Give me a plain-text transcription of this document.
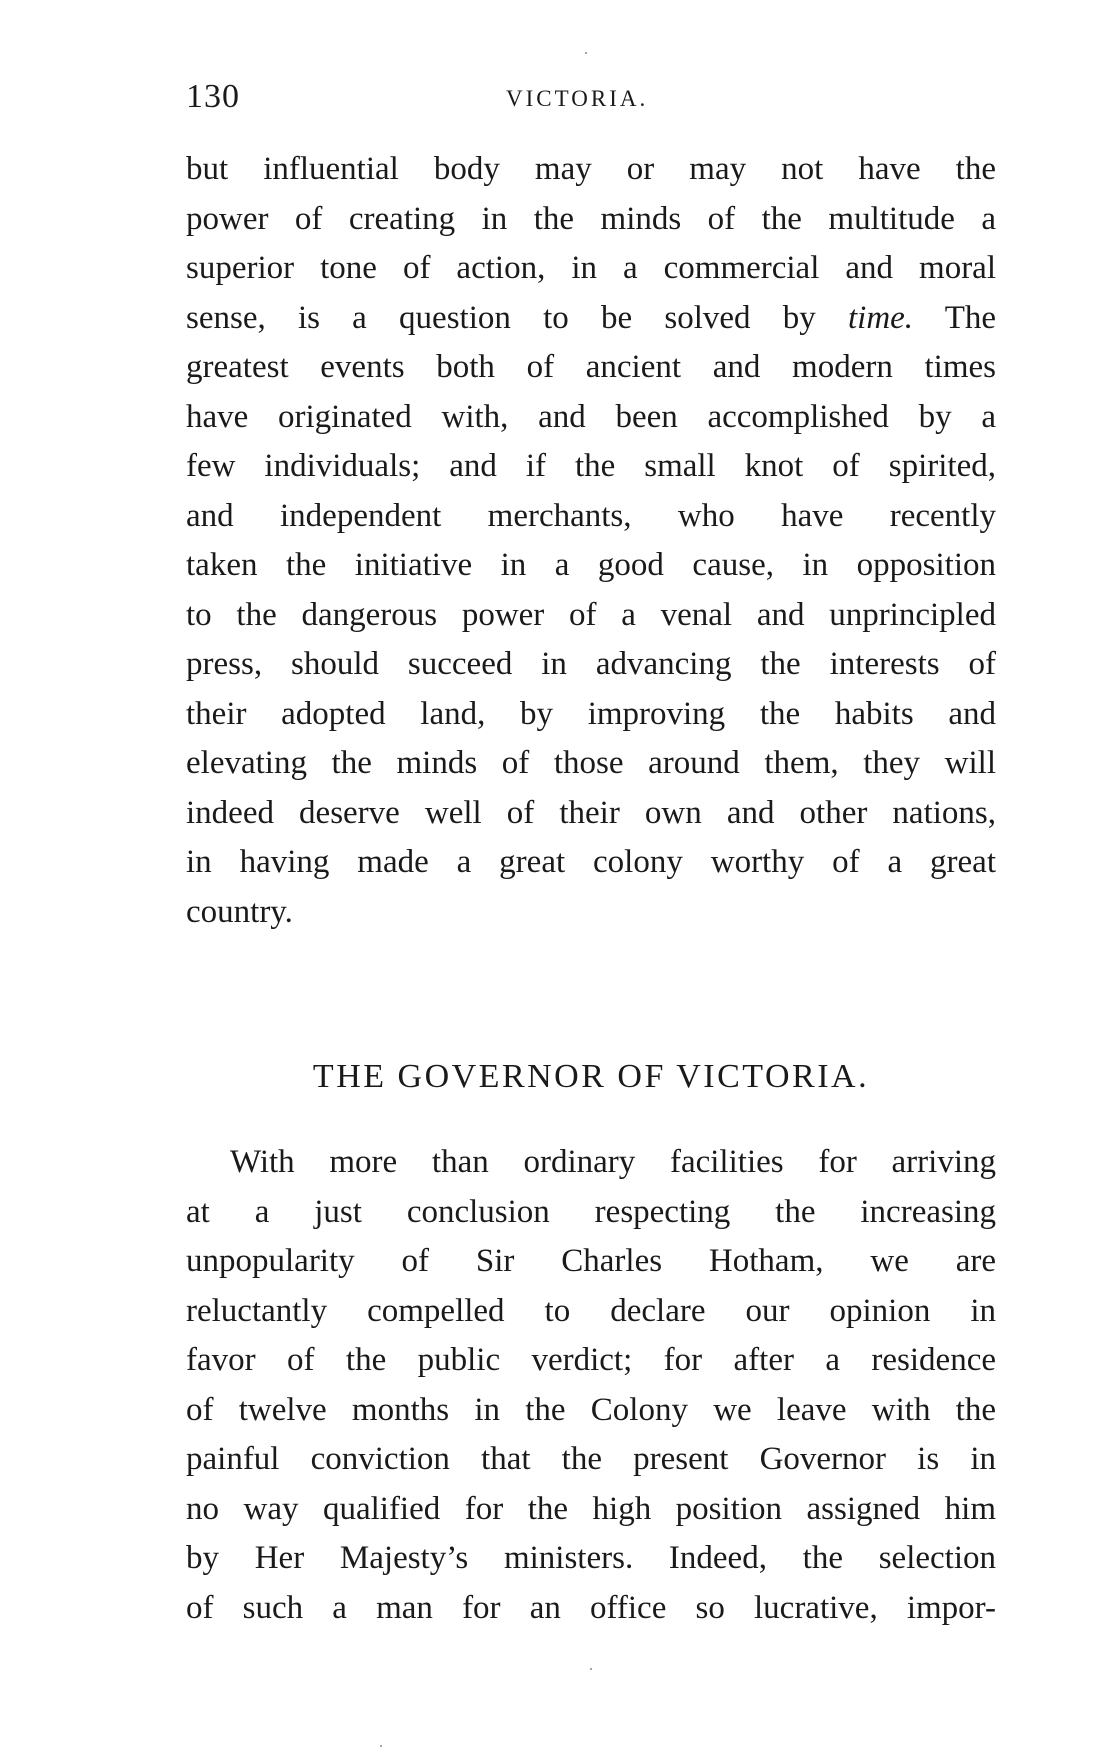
130	VICTORIA.
but influential body may or may not have the
power of creating in the minds of the multitude a
superior tone of action, in a commercial and moral
sense, is a question to be solved by time. The
greatest events both of ancient and modern times
have originated with, and been accomplished by a
few individuals; and if the small knot of spirited,
and independent merchants, who have recently
taken the initiative in a good cause, in opposition
to the dangerous power of a venal and unprincipled
press, should succeed in advancing the interests of
their adopted land, by improving the habits and
elevating the minds of those around them, they will
indeed deserve well of their own and other nations,
in having made a great colony worthy of a great
country.
THE GOVERNOR OF VICTORIA.
With more than ordinary facilities for arriving
at a just conclusion respecting the increasing
unpopularity of Sir Charles Hotham, we are
reluctantly compelled to declare our opinion in
favor of the public verdict; for after a residence
of twelve months in the Colony we leave with the
painful conviction that the present Governor is in
no way qualified for the high position assigned him
by Her Majesty’s ministers. Indeed, the selection
of such a man for an office so lucrative, impor-
